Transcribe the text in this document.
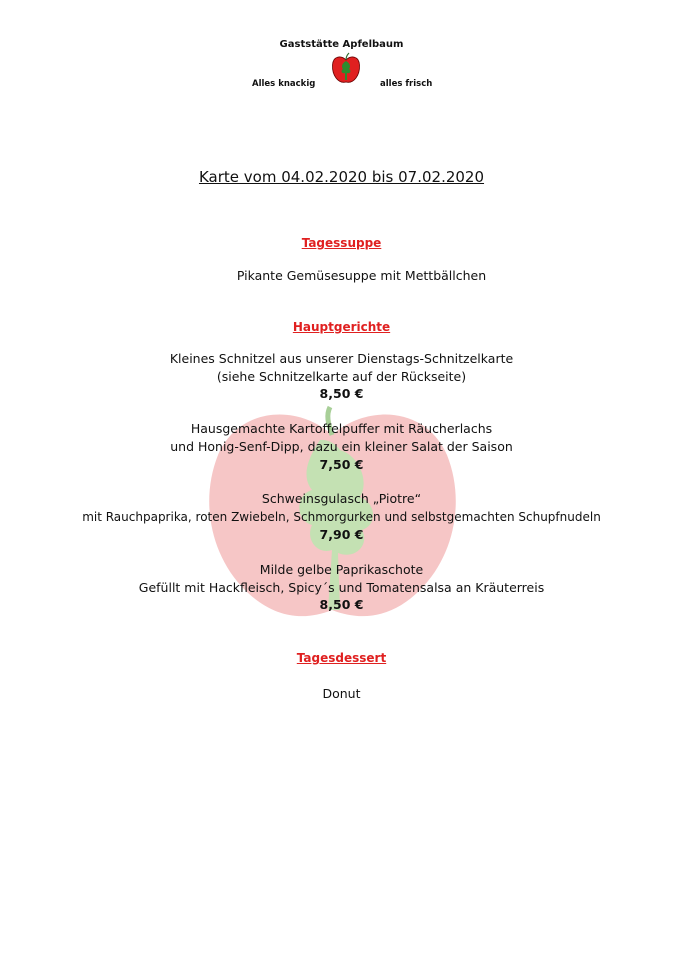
Gaststätte Apfelbaum
Alles knackig	alles frisch
Karte vom 04.02.2020 bis 07.02.2020
Tagessuppe
Pikante Gemüsesuppe mit Mettbällchen
Hauptgerichte
Kleines Schnitzel aus unserer Dienstags-Schnitzelkarte
(siehe Schnitzelkarte auf der Rückseite)
8,50 €
Hausgemachte Kartoffelpuffer mit Räucherlachs
und Honig-Senf-Dipp, dazu ein kleiner Salat der Saison
7,50 €
Schweinsgulasch „Piotre“
mit Rauchpaprika, roten Zwiebeln, Schmorgurken und selbstgemachten Schupfnudeln
7,90 €
Milde gelbe Paprikaschote
Gefüllt mit Hackfleisch, Spicy´s und Tomatensalsa an Kräuterreis
8,50 €
Tagesdessert
Donut
